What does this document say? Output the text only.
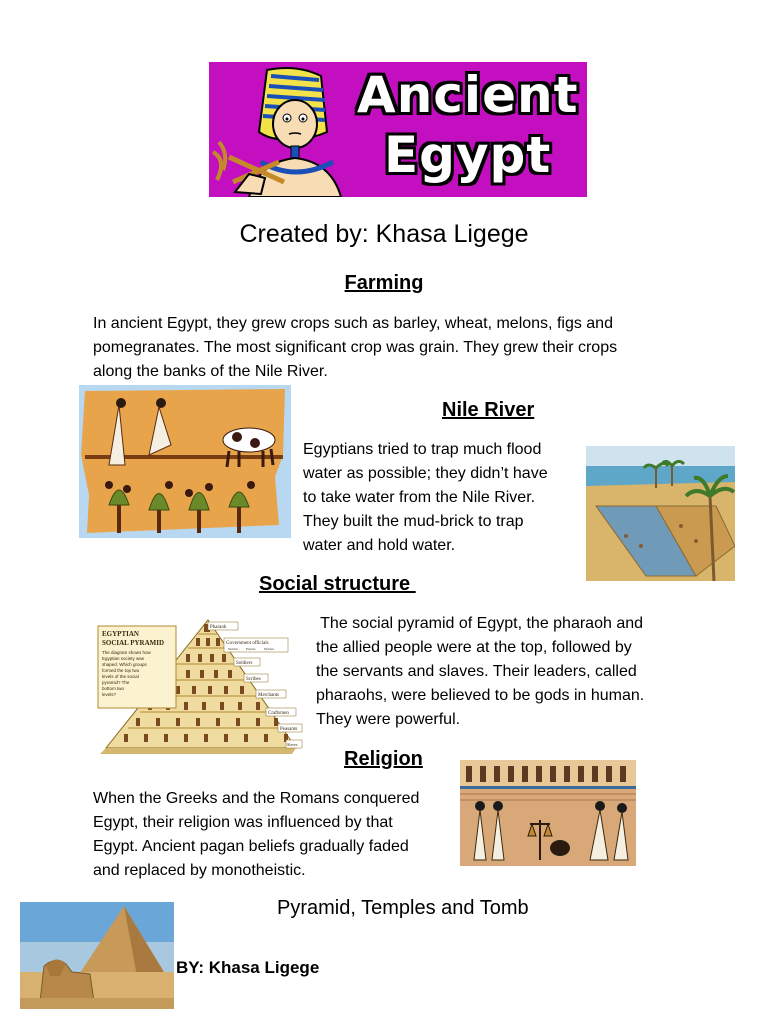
Ancient
Egypt
Created by: Khasa Ligege
Farming
In ancient Egypt, they grew crops such as barley, wheat, melons, figs and
pomegranates. The most significant crop was grain. They grew their crops
along the banks of the Nile River.
Nile River
Egyptians tried to trap much flood
water as possible; they didn’t have
to take water from the Nile River.
They built the mud-brick to trap
water and hold water.
Social structure
The social pyramid of Egypt, the pharaoh and
the allied people were at the top, followed by
the servants and slaves. Their leaders, called
pharaohs, were believed to be gods in human.
They were powerful.
EGYPTIAN
SOCIAL PYRAMID
The diagram shows how
Egyptian society was
shaped. Which groups
formed the top two
levels of the social
pyramid? The
bottom two
levels?
Pharaoh
Government officials
Nobles Priests Nobles
Soldiers
Scribes
Merchants
Craftsmen
Peasants
Slaves
Religion
When the Greeks and the Romans conquered
Egypt, their religion was influenced by that
Egypt. Ancient pagan beliefs gradually faded
and replaced by monotheistic.
Pyramid, Temples and Tomb
BY: Khasa Ligege
